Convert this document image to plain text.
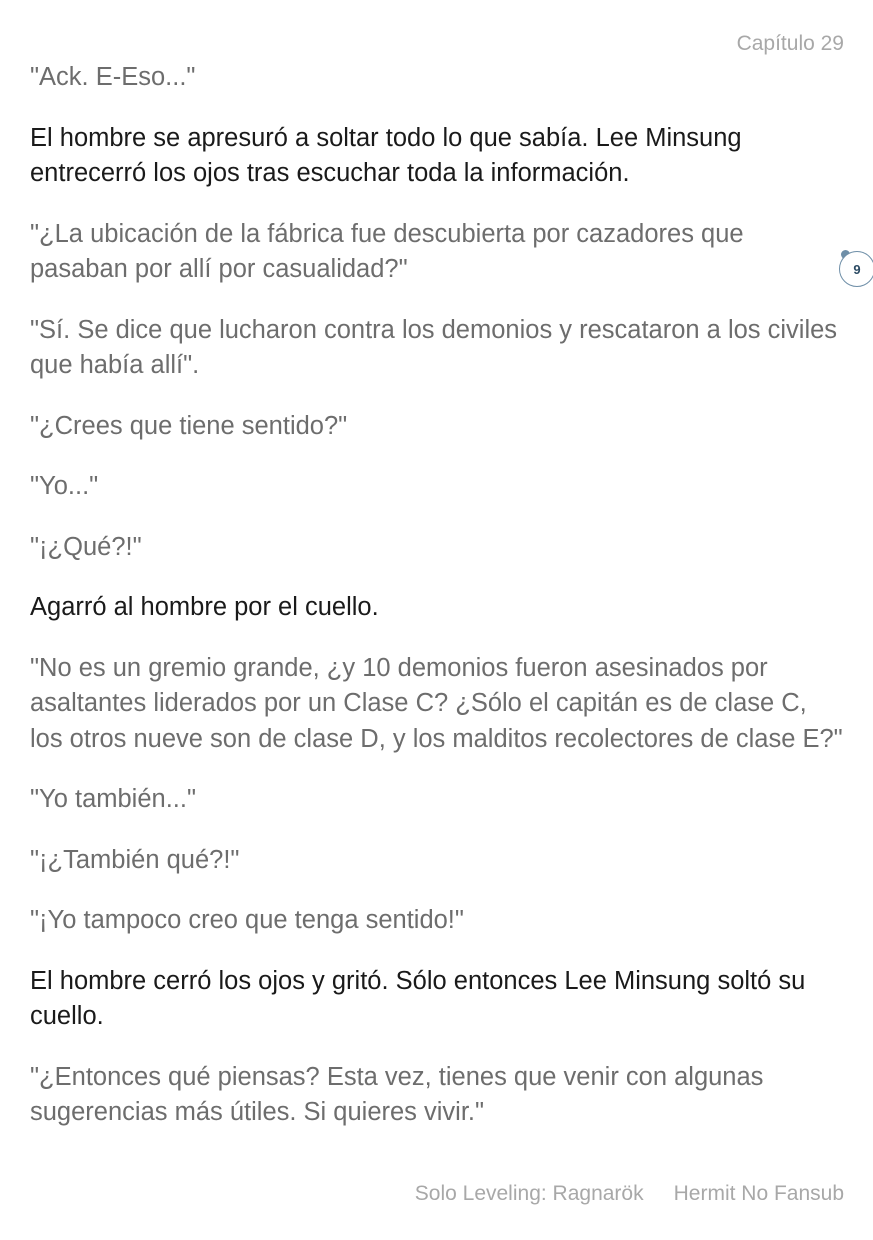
Capítulo 29

"Ack. E-Eso..."

El hombre se apresuró a soltar todo lo que sabía. Lee Minsung entrecerró los ojos tras escuchar toda la información.

"¿La ubicación de la fábrica fue descubierta por cazadores que pasaban por allí por casualidad?"

"Sí. Se dice que lucharon contra los demonios y rescataron a los civiles que había allí".

"¿Crees que tiene sentido?"

"Yo..."

"¡¿Qué?!"

Agarró al hombre por el cuello.

"No es un gremio grande, ¿y 10 demonios fueron asesinados por asaltantes liderados por un Clase C? ¿Sólo el capitán es de clase C, los otros nueve son de clase D, y los malditos recolectores de clase E?"

"Yo también..."

"¡¿También qué?!"

"¡Yo tampoco creo que tenga sentido!"

El hombre cerró los ojos y gritó. Sólo entonces Lee Minsung soltó su cuello.

"¿Entonces qué piensas? Esta vez, tienes que venir con algunas sugerencias más útiles. Si quieres vivir."

9
Solo Leveling: Ragnarök Hermit No Fansub
